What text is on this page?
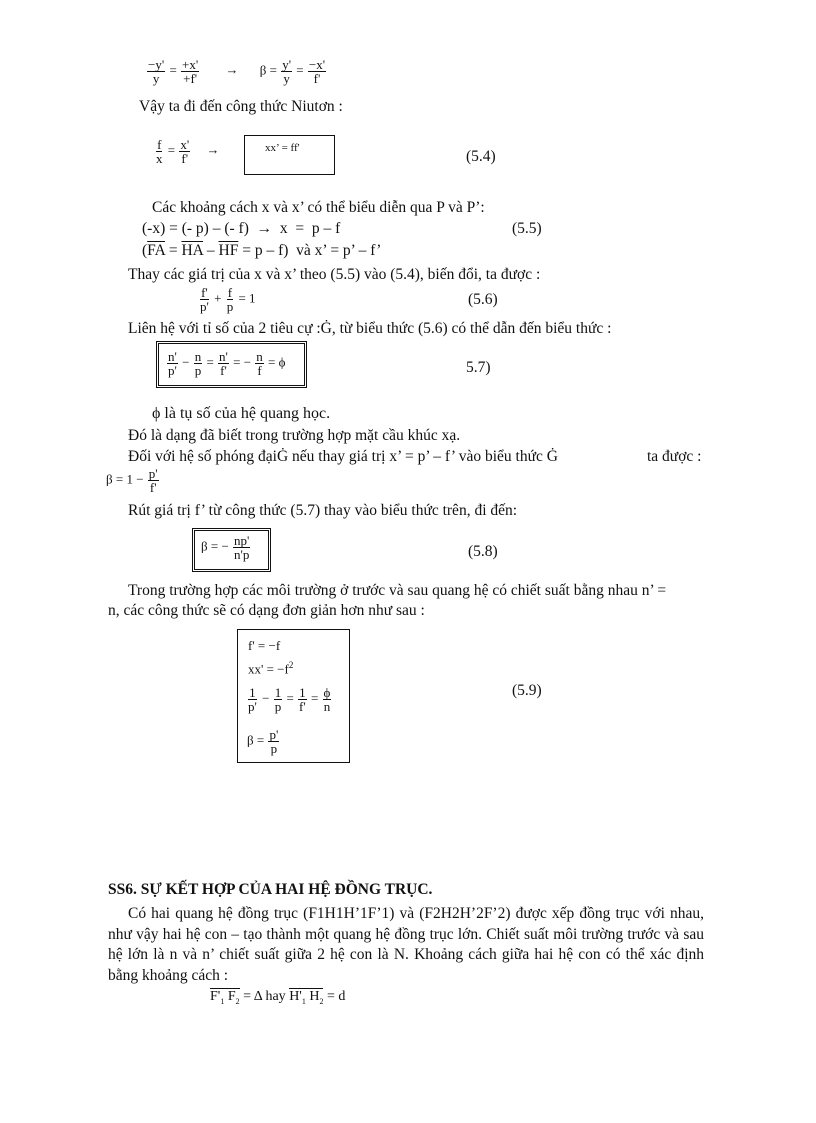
$\frac{-y'}{y} = \frac{+x'}{+f'} \to \beta = \frac{y'}{y} = \frac{-x'}{f'}$
Vậy ta đi đến công thức Niutơn :
$\frac{f}{x} = \frac{x'}{f'}$ →	xx’ = ff'	(5.4)
Các khoảng cách x và x’ có thể biểu diễn qua P và P’:
(-x) = (- p) – (- f)  →  x  =  p – f	(5.5)
$(\overline{FA} = \overline{HA} - \overline{HF} = p - f)$  và x’ = p’ – f’
Thay các giá trị của x và x’ theo (5.5) vào (5.4), biến đổi, ta được :
$\frac{f'}{p'} + \frac{f}{p} = 1$	(5.6)
Liên hệ với tỉ số của 2 tiêu cự :Ġ, từ biểu thức (5.6) có thể dẫn đến biểu thức :
$\frac{n'}{p'} - \frac{n}{p} = \frac{n'}{f'}$ = − $\frac{n}{f} = \phi$	5.7)
ϕ là tụ số của hệ quang học.
Đó là dạng đã biết trong trường hợp mặt cầu khúc xạ.
Đối với hệ số phóng đạiĠ nếu thay giá trị x’ = p’ – f’ vào biểu thức Ġ	ta được :
$\beta = 1 - \frac{p'}{f'}$
Rút giá trị f’ từ công thức (5.7) thay vào biểu thức trên, đi đến:
β = − $\frac{np'}{n'p}$	(5.8)
Trong trường hợp các môi trường ở trước và sau quang hệ có chiết suất bằng nhau n’ =
n, các công thức sẽ có dạng đơn giản hơn như sau :
f' = −f
$xx' = -f^2$
$\frac{1}{p'} - \frac{1}{p} = \frac{1}{f'} = \frac{\phi}{n}$
$\beta = \frac{p'}{p}$
(5.9)
SS6. SỰ KẾT HỢP CỦA HAI HỆ ĐỒNG TRỤC.
Có hai quang hệ đồng trục (F1H1H’1F’1) và (F2H2H’2F’2) được xếp đồng trục với nhau, như vậy hai hệ con – tạo thành một quang hệ đồng trục lớn. Chiết suất môi trường trước và sau hệ lớn là n và n’ chiết suất giữa 2 hệ con là N. Khoảng cách giữa hai hệ con có thể xác định bằng khoảng cách :
$F'_1$ $F_2 = \Delta$ hay $H'_1$ $H_2 = d$
